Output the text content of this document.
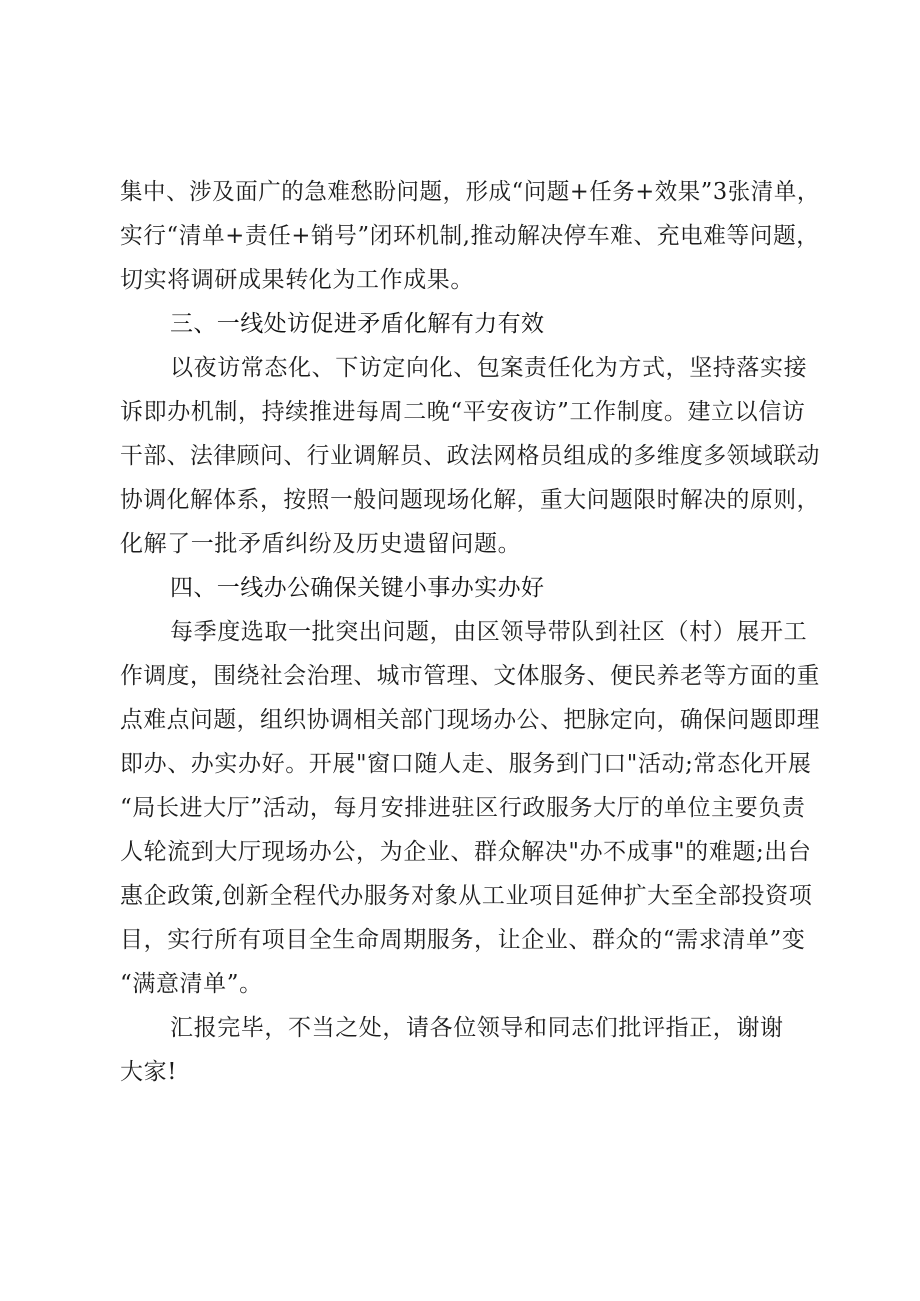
集中、涉及面广的急难愁盼问题，形成“问题+任务+效果”3张清单，
实行“清单+责任+销号”闭环机制,推动解决停车难、充电难等问题，
切实将调研成果转化为工作成果。
三、一线处访促进矛盾化解有力有效
以夜访常态化、下访定向化、包案责任化为方式，坚持落实接
诉即办机制，持续推进每周二晚“平安夜访”工作制度。建立以信访
干部、法律顾问、行业调解员、政法网格员组成的多维度多领域联动
协调化解体系，按照一般问题现场化解，重大问题限时解决的原则，
化解了一批矛盾纠纷及历史遗留问题。
四、一线办公确保关键小事办实办好
每季度选取一批突出问题，由区领导带队到社区（村）展开工
作调度，围绕社会治理、城市管理、文体服务、便民养老等方面的重
点难点问题，组织协调相关部门现场办公、把脉定向，确保问题即理
即办、办实办好。开展"窗口随人走、服务到门口"活动;常态化开展
“局长进大厅”活动，每月安排进驻区行政服务大厅的单位主要负责
人轮流到大厅现场办公，为企业、群众解决"办不成事"的难题;出台
惠企政策,创新全程代办服务对象从工业项目延伸扩大至全部投资项
目，实行所有项目全生命周期服务，让企业、群众的“需求清单”变
“满意清单”。
汇报完毕，不当之处，请各位领导和同志们批评指正，谢谢
大家!
